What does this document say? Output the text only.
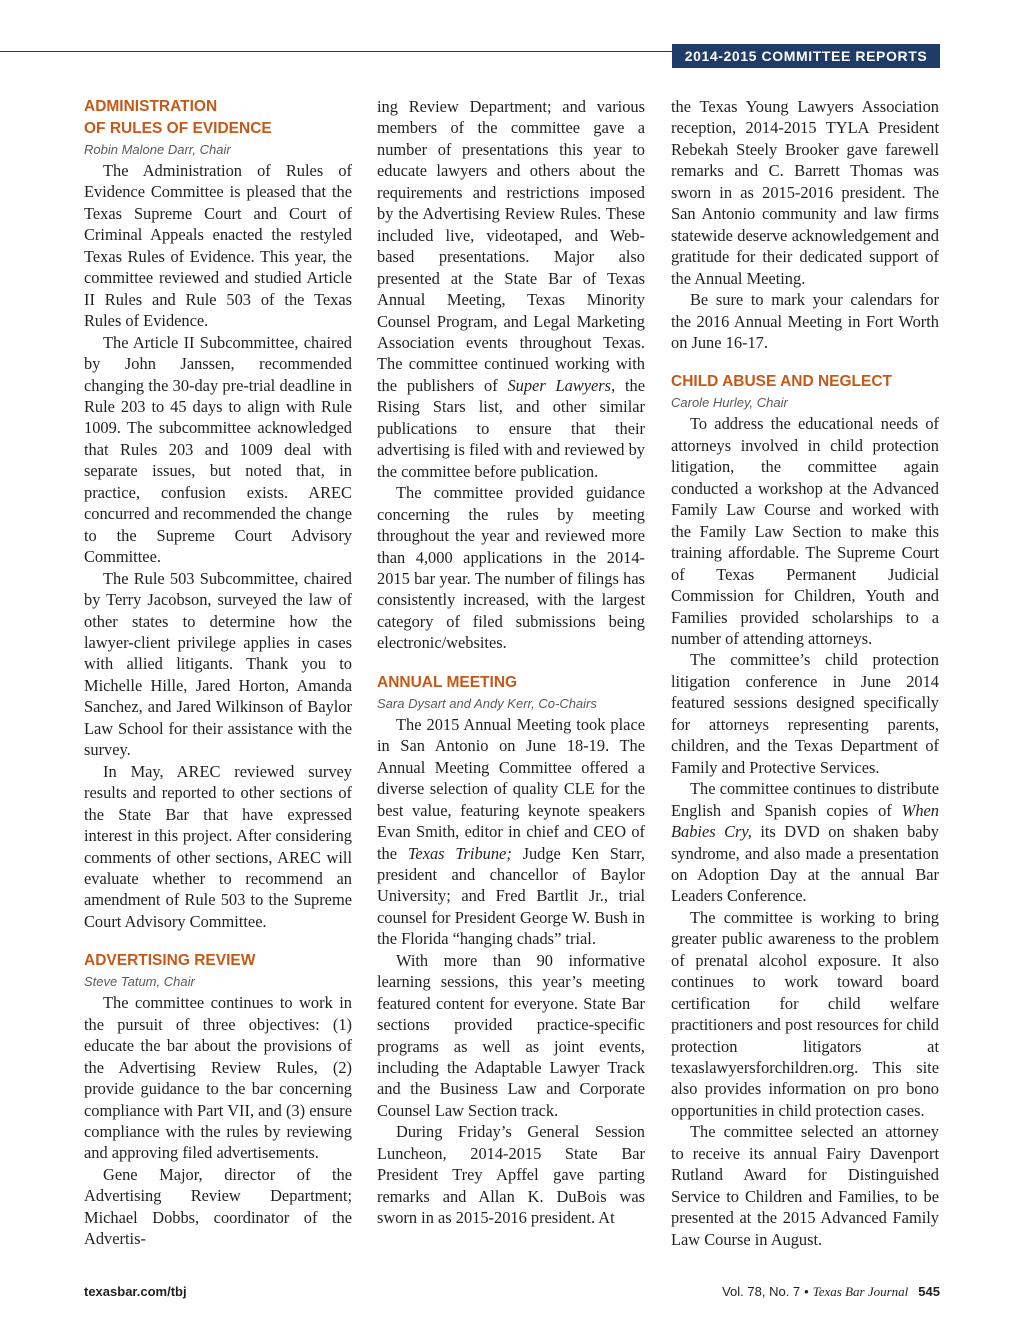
2014-2015 COMMITTEE REPORTS

ADMINISTRATION

OF RULES OF EVIDENCE

Robin Malone Darr, Chair

The Administration of Rules of Evidence Committee is pleased that the Texas Supreme Court and Court of Criminal Appeals enacted the restyled Texas Rules of Evidence. This year, the committee reviewed and studied Article II Rules and Rule 503 of the Texas Rules of Evidence.

The Article II Subcommittee, chaired by John Janssen, recommended changing the 30-day pre-trial deadline in Rule 203 to 45 days to align with Rule 1009. The subcommittee acknowledged that Rules 203 and 1009 deal with separate issues, but noted that, in practice, confusion exists. AREC concurred and recommended the change to the Supreme Court Advisory Committee.

The Rule 503 Subcommittee, chaired by Terry Jacobson, surveyed the law of other states to determine how the lawyer-client privilege applies in cases with allied litigants. Thank you to Michelle Hille, Jared Horton, Amanda Sanchez, and Jared Wilkinson of Baylor Law School for their assistance with the survey.

In May, AREC reviewed survey results and reported to other sections of the State Bar that have expressed interest in this project. After considering comments of other sections, AREC will evaluate whether to recommend an amendment of Rule 503 to the Supreme Court Advisory Committee.

ADVERTISING REVIEW

Steve Tatum, Chair

The committee continues to work in the pursuit of three objectives: (1) educate the bar about the provisions of the Advertising Review Rules, (2) provide guidance to the bar concerning compliance with Part VII, and (3) ensure compliance with the rules by reviewing and approving filed advertisements.

Gene Major, director of the Advertising Review Department; Michael Dobbs, coordinator of the Advertis-

ing Review Department; and various members of the committee gave a number of presentations this year to educate lawyers and others about the requirements and restrictions imposed by the Advertising Review Rules. These included live, videotaped, and Web-based presentations. Major also presented at the State Bar of Texas Annual Meeting, Texas Minority Counsel Program, and Legal Marketing Association events throughout Texas. The committee continued working with the publishers of Super Lawyers, the Rising Stars list, and other similar publications to ensure that their advertising is filed with and reviewed by the committee before publication.

The committee provided guidance concerning the rules by meeting throughout the year and reviewed more than 4,000 applications in the 2014-2015 bar year. The number of filings has consistently increased, with the largest category of filed submissions being electronic/websites.

ANNUAL MEETING

Sara Dysart and Andy Kerr, Co-Chairs

The 2015 Annual Meeting took place in San Antonio on June 18-19. The Annual Meeting Committee offered a diverse selection of quality CLE for the best value, featuring keynote speakers Evan Smith, editor in chief and CEO of the Texas Tribune; Judge Ken Starr, president and chancellor of Baylor University; and Fred Bartlit Jr., trial counsel for President George W. Bush in the Florida “hanging chads” trial.

With more than 90 informative learning sessions, this year’s meeting featured content for everyone. State Bar sections provided practice-specific programs as well as joint events, including the Adaptable Lawyer Track and the Business Law and Corporate Counsel Law Section track.

During Friday’s General Session Luncheon, 2014-2015 State Bar President Trey Apffel gave parting remarks and Allan K. DuBois was sworn in as 2015-2016 president. At

the Texas Young Lawyers Association reception, 2014-2015 TYLA President Rebekah Steely Brooker gave farewell remarks and C. Barrett Thomas was sworn in as 2015-2016 president. The San Antonio community and law firms statewide deserve acknowledgement and gratitude for their dedicated support of the Annual Meeting.

Be sure to mark your calendars for the 2016 Annual Meeting in Fort Worth on June 16-17.

CHILD ABUSE AND NEGLECT

Carole Hurley, Chair

To address the educational needs of attorneys involved in child protection litigation, the committee again conducted a workshop at the Advanced Family Law Course and worked with the Family Law Section to make this training affordable. The Supreme Court of Texas Permanent Judicial Commission for Children, Youth and Families provided scholarships to a number of attending attorneys.

The committee’s child protection litigation conference in June 2014 featured sessions designed specifically for attorneys representing parents, children, and the Texas Department of Family and Protective Services.

The committee continues to distribute English and Spanish copies of When Babies Cry, its DVD on shaken baby syndrome, and also made a presentation on Adoption Day at the annual Bar Leaders Conference.

The committee is working to bring greater public awareness to the problem of prenatal alcohol exposure. It also continues to work toward board certification for child welfare practitioners and post resources for child protection litigators at texaslawyersforchildren.org. This site also provides information on pro bono opportunities in child protection cases.

The committee selected an attorney to receive its annual Fairy Davenport Rutland Award for Distinguished Service to Children and Families, to be presented at the 2015 Advanced Family Law Course in August.

texasbar.com/tbj	Vol. 78, No. 7 • Texas Bar Journal 545
